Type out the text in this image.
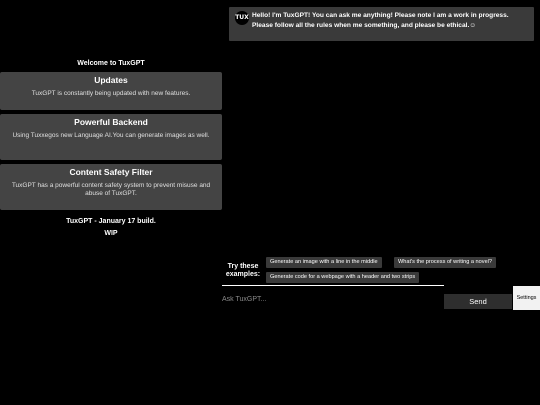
Welcome to TuxGPT
Updates
TuxGPT is constantly being updated with new features.
Powerful Backend
Using Tuxxegos new Language AI.You can generate images as well.
Content Safety Filter
TuxGPT has a powerful content safety system to prevent misuse and abuse of TuxGPT.
TuxGPT - January 17 build.
WIP
TUX Hello! I'm TuxGPT! You can ask me anything! Please note I am a work in progress. Please follow all the rules when me something, and please be ethical.☺
Try these examples:
Generate an image with a line in the middle	What's the process of writing a novel?
Generate code for a webpage with a header and two strips
Ask TuxGPT...
Send	Settings
